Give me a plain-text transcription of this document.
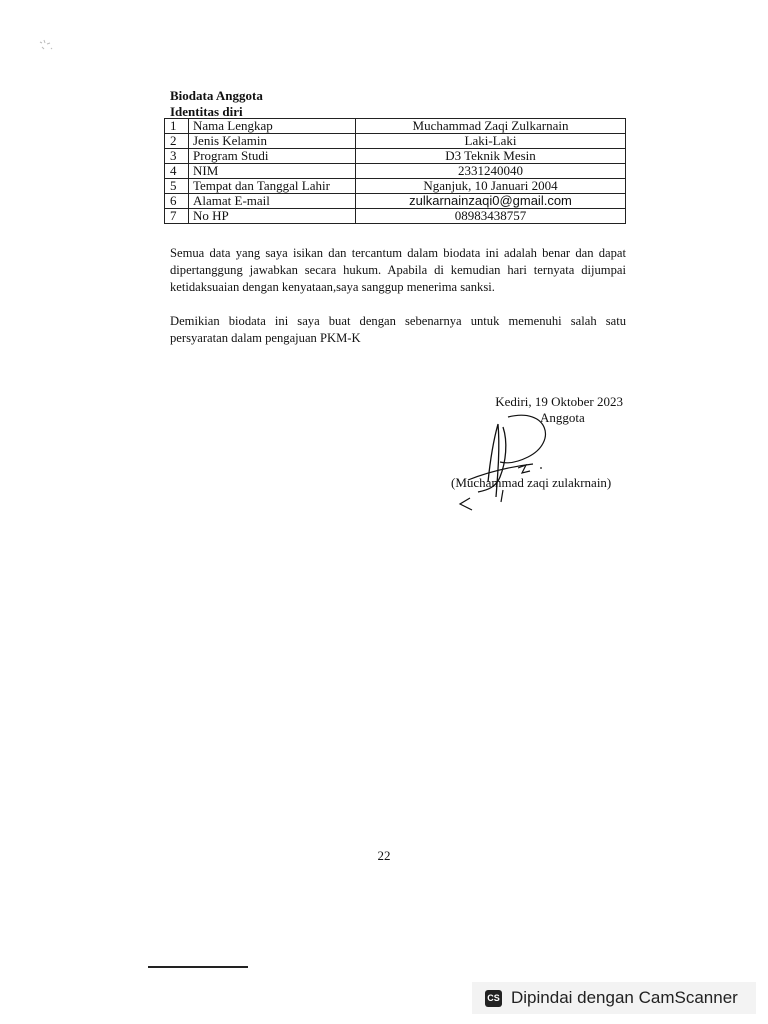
Biodata Anggota
Identitas diri
1	Nama Lengkap	Muchammad Zaqi Zulkarnain
2	Jenis Kelamin	Laki-Laki
3	Program Studi	D3 Teknik Mesin
4	NIM	2331240040
5	Tempat dan Tanggal Lahir	Nganjuk, 10 Januari 2004
6	Alamat E-mail	zulkarnainzaqi0@gmail.com
7	No HP	08983438757
Semua data yang saya isikan dan tercantum dalam biodata ini adalah benar dan dapat dipertanggung jawabkan secara hukum. Apabila di kemudian hari ternyata dijumpai ketidaksuaian dengan kenyataan,saya sanggup menerima sanksi.
Demikian biodata ini saya buat dengan sebenarnya untuk memenuhi salah satu persyaratan dalam pengajuan PKM-K
Kediri, 19 Oktober 2023
Anggota
(Muchammad zaqi zulakrnain)
22
CS Dipindai dengan CamScanner
